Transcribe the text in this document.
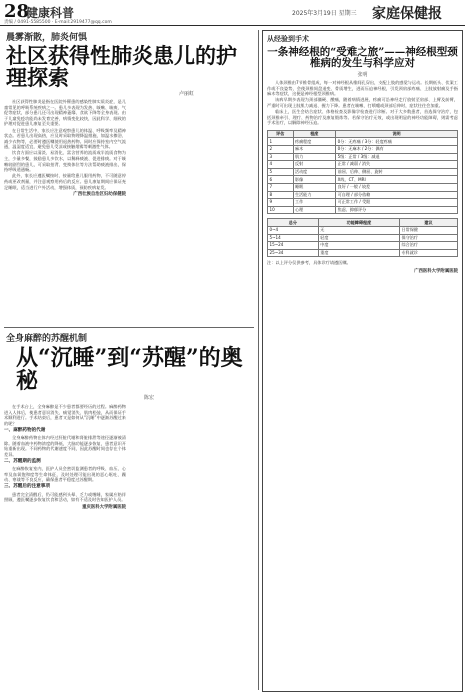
28
健康科普
责编 / 0491-5585500 · E-mail:2919477@qq.com
2025年3月19日 星期三 家庭保健报
晨雾渐散，肺炎何惧
社区获得性肺炎患儿的护理探索
卢丽虹

社区获得性肺炎是指在医院外罹患的感染性肺实质炎症，是儿童常见的呼吸系统疾病之一。患儿多表现为发热、咳嗽、咳痰、气促等症状，部分患儿还可出现精神萎靡、食欲下降等全身表现。由于儿童免疫功能尚未发育完善，病情变化较快，因此科学、细致的护理对促进患儿康复至关重要。

在日常生活中，家长应注意观察患儿的体温、呼吸频率及精神状态。若患儿出现高热，应及时采取物理降温措施，如温水擦浴、减少衣物等，必要时遵医嘱使用退热药物。同时应保持室内空气流通，温湿度适宜，避免患儿受凉或接触烟雾等刺激性气体。

饮食方面应以清淡、易消化、富含营养的流质或半流质食物为主，少量多餐，鼓励患儿多饮水，以稀释痰液、促进排痰。对于咳嗽较剧烈的患儿，可采取拍背、变换体位等方法帮助痰液排出，保持呼吸道通畅。

此外，家长应遵医嘱按时、按量给患儿服用药物，不可随意停药或更改剂量，并注意观察用药后的反应。患儿康复期间应保证充足睡眠，适当进行户外活动，增强体质，预防疾病复发。

广西壮族自治区妇幼保健院
全身麻醉的苏醒机制
从“沉睡”到“苏醒”的奥秘
陈宏

在手术台上，全身麻醉是不少患者都要经历的过程。麻醉药物进入人体后，使患者意识消失、痛觉消失、肌肉松弛，从而保证手术顺利进行。手术结束后，患者又是如何从“沉睡”中逐渐苏醒过来的呢？

一、麻醉药物的代谢

全身麻醉药物在体内经过肝脏代谢和肾脏排泄等途径逐渐被清除。随着血液中药物浓度的降低，大脑功能逐步恢复，患者意识开始重新出现。不同药物的代谢速度不同，因此苏醒时间也存在个体差异。

二、苏醒期的监测

在麻醉恢复室内，医护人员会密切监测患者的呼吸、血压、心率及血氧饱和度等生命体征，及时处理可能出现的恶心呕吐、躁动、寒战等不良反应，确保患者平稳度过苏醒期。

三、苏醒后的注意事项

患者完全清醒后，仍可能感到头晕、乏力或嗜睡，家属应陪伴照顾，遵医嘱逐步恢复饮食和活动，如有不适及时告知医护人员。

重庆医科大学附属医院
从经验到手术
一条神经根的“受难之旅”——神经根型颈椎病的发生与科学应对
张明

人体颈椎由7节椎骨组成，每一对神经根从椎间孔穿出，支配上肢的感觉与运动。长期低头、伏案工作或不良姿势，会使颈椎间盘退变、骨质增生，进而压迫神经根，引发颈肩部疼痛、上肢放射痛及手指麻木等症状，这便是神经根型颈椎病。

该病早期多表现为颈部僵硬、酸痛，随着病情进展，疼痛可沿神经走行放射至肩部、上臂及前臂，严重时可出现上肢肌力减退、握力下降。患者在咳嗽、打喷嚏或颈部后伸时，症状往往会加重。

临床上，医生会结合症状、体格检查及影像学检查进行诊断。对于大多数患者，首选保守治疗，包括颈椎牵引、理疗、药物治疗及康复锻炼等。若保守治疗无效，或出现明显的神经功能障碍，则需考虑手术治疗，以解除神经压迫。

评估	程度	说明
1	疼痛程度	0分：无疼痛 / 3分：轻度疼痛
2	麻木	0分：无麻木 / 2分：偶有
3	肌力	5级：正常 / 3级：减退
4	反射	正常 / 减弱 / 消失
5	活动度	前屈、后伸、侧屈、旋转
6	影像	X线、CT、MRI
7	睡眠	良好 / 一般 / 较差
8	生活能力	可自理 / 部分依赖
9	工作	可正常工作 / 受限
10	心理	焦虑、抑郁评分
总分	功能障碍程度	建议
0~4	无	日常保健
5~14	轻度	保守治疗
15~24	中度	综合治疗
25~34	重度	专科就诊
注：以上评分仅供参考，具体诊疗请遵医嘱。
广西医科大学附属医院
